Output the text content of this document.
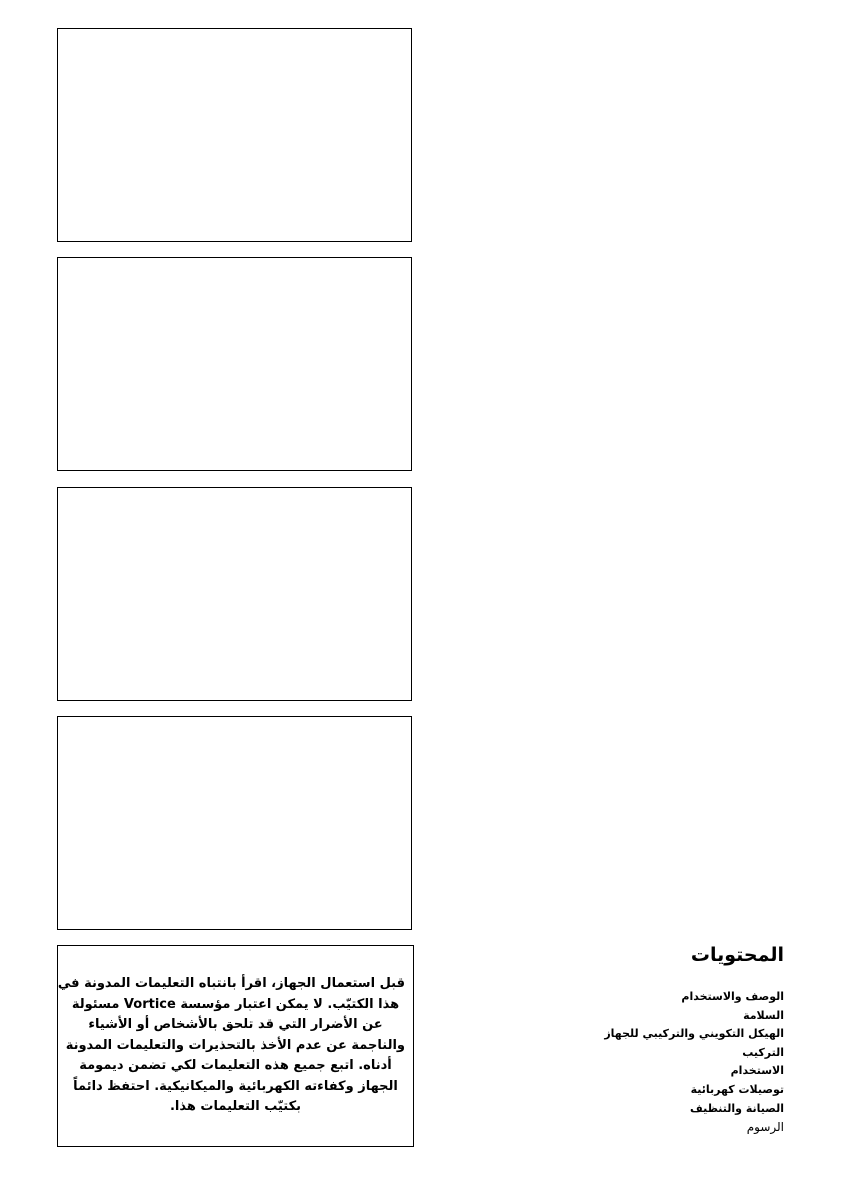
قبل استعمال الجهاز، اقرأ بانتباه التعليمات المدونة في
هذا الكتيّب. لا يمكن اعتبار مؤسسة Vortice مسئولة
عن الأضرار التي قد تلحق بالأشخاص أو الأشياء
والناجمة عن عدم الأخذ بالتحذيرات والتعليمات المدونة
أدناه. اتبع جميع هذه التعليمات لكي تضمن ديمومة
الجهاز وكفاءته الكهربائية والميكانيكية. احتفظ دائماً
بكتيّب التعليمات هذا.
المحتويات
الوصف والاستخدام
السلامة
الهيكل التكويني والتركيبي للجهاز
التركيب
الاستخدام
توصيلات كهربائية
الصيانة والتنظيف
الرسوم
